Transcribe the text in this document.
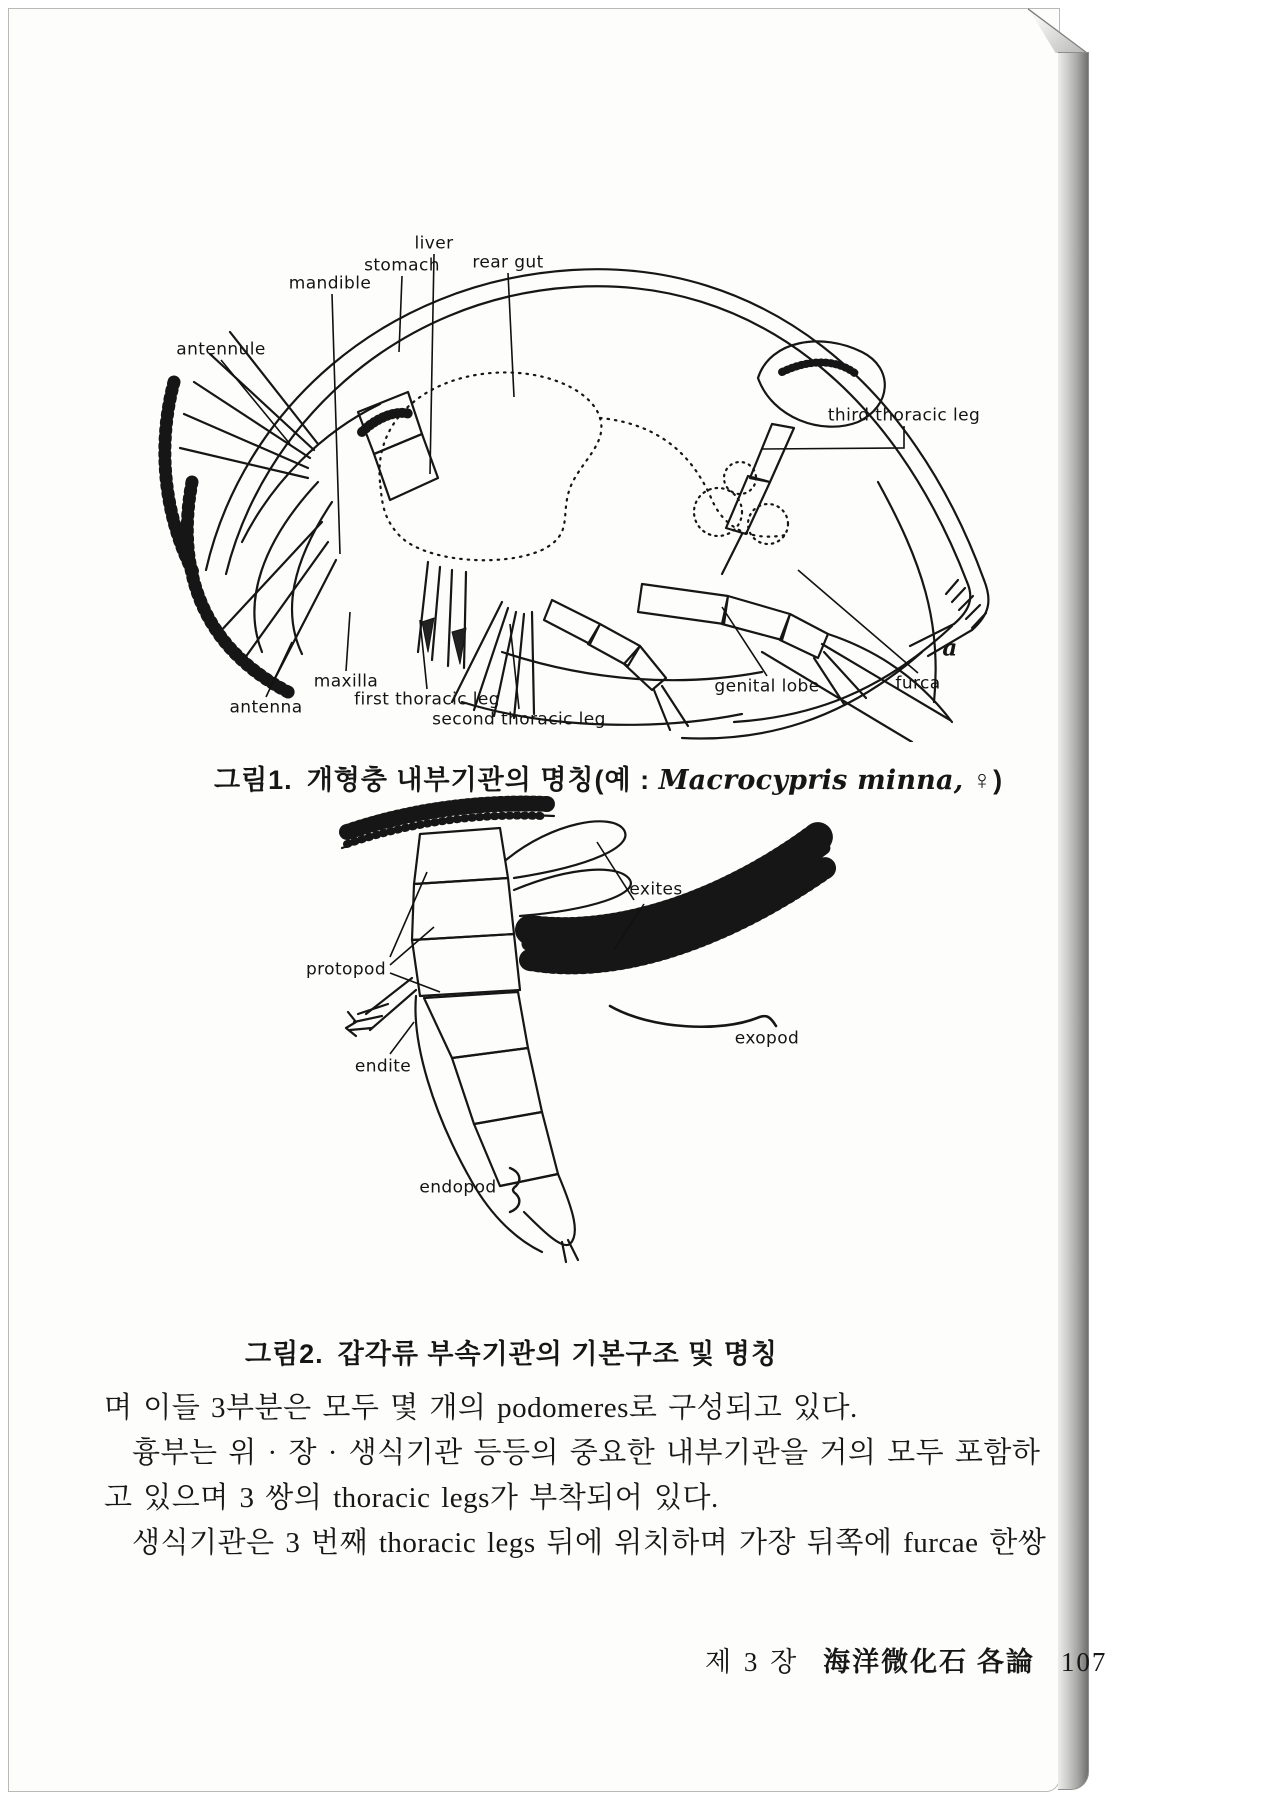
antennule
mandible
stomach
liver
rear gut
third thoracic leg
antenna
maxilla
first thoracic leg
second thoracic leg
genital lobe	furca
a
그림1. 개형충 내부기관의 명칭(예 : Macrocypris minna, ♀)
exites
protopod
endite
exopod
endopod
그림2. 갑각류 부속기관의 기본구조 및 명칭
며 이들 3부분은 모두 몇 개의 podomeres로 구성되고 있다.
흉부는 위 · 장 · 생식기관 등등의 중요한 내부기관을 거의 모두 포함하
고 있으며 3 쌍의 thoracic legs가 부착되어 있다.
생식기관은 3 번째 thoracic legs 뒤에 위치하며 가장 뒤쪽에 furcae 한쌍
제 3 장 海洋微化石 各論 107
